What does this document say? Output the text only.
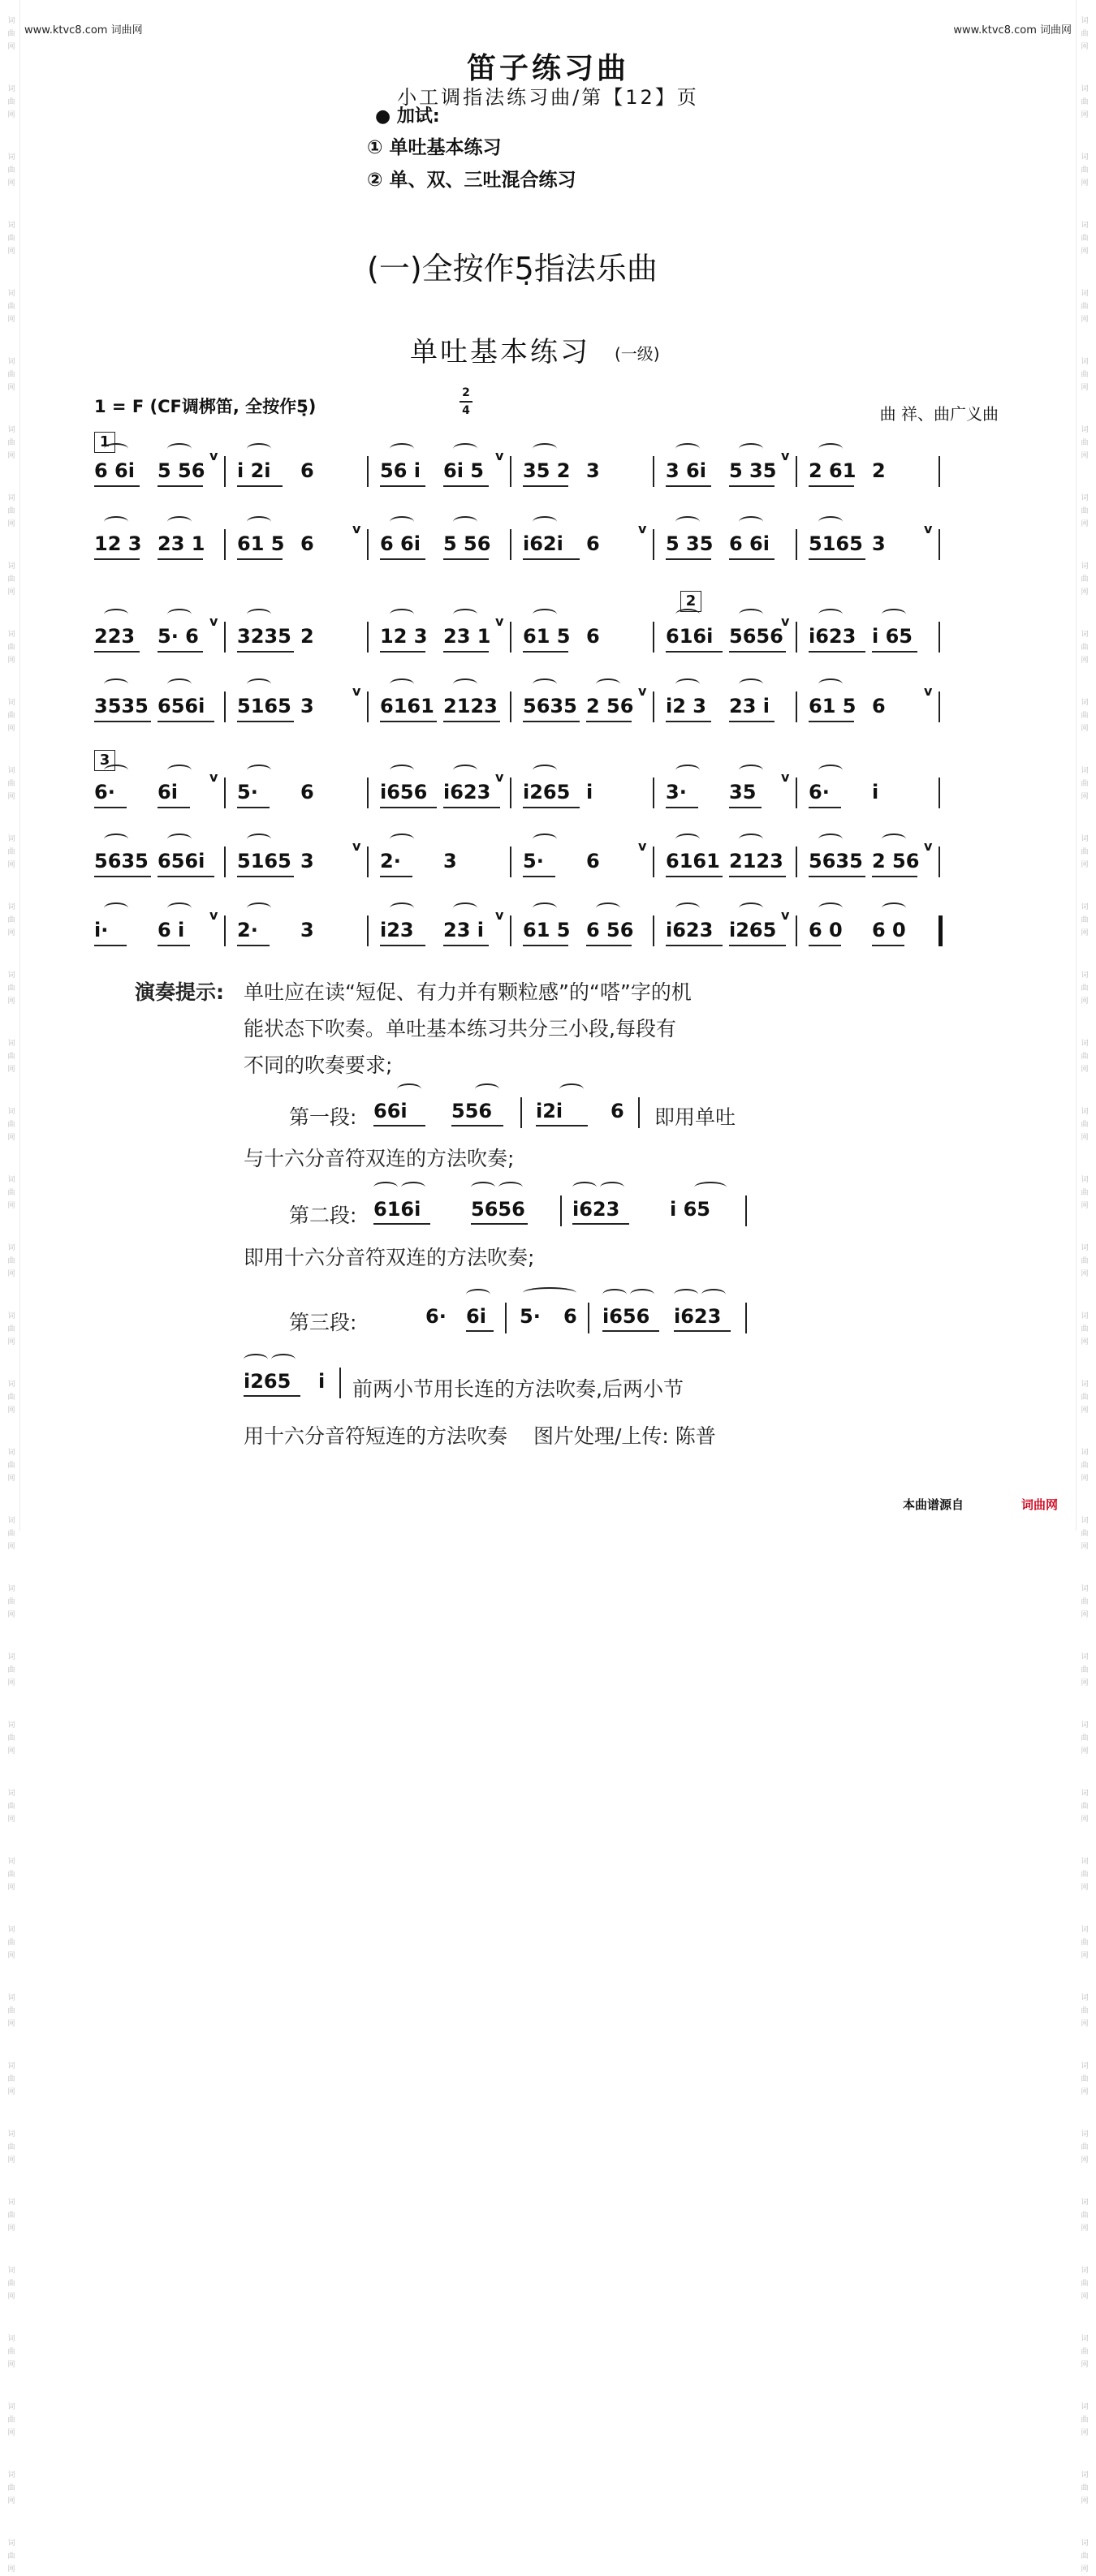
词曲网
词曲网
词曲网
词曲网
词曲网
词曲网
词曲网
词曲网
词曲网
词曲网
词曲网
词曲网
词曲网
词曲网
词曲网
词曲网
词曲网
词曲网
词曲网
词曲网
词曲网
词曲网
词曲网
词曲网
词曲网
词曲网
词曲网
词曲网
词曲网
词曲网
词曲网
词曲网
词曲网
词曲网
词曲网
词曲网
词曲网
词曲网
词曲网
词曲网
词曲网
词曲网
词曲网
词曲网
词曲网
词曲网
词曲网
词曲网
词曲网
词曲网
词曲网
词曲网
词曲网
词曲网
词曲网
词曲网
词曲网
词曲网
词曲网
词曲网
词曲网
词曲网
词曲网
词曲网
词曲网
词曲网
词曲网
词曲网
词曲网
词曲网
词曲网
词曲网
词曲网
词曲网
词曲网
词曲网
www.ktvc8.com 词曲网	www.ktvc8.com 词曲网
笛子练习曲
小工调指法练习曲/第【12】页
● 加试:
① 单吐基本练习
② 单、双、三吐混合练习
(一)全按作5̣指法乐曲
单吐基本练习 (一级)
1 = F (CF调梆笛, 全按作5̣)
2
4	曲 祥、曲广义曲
1
2
3
6 6i 5 56
v
i 2i 6	56 i 6i 5
v
35 2 3	3 6i 5 35
v
2 61 2
12 3 23 1 61 5 6
v
6 6i 5 56 i62i 6
v
5 35 6 6i 5165 3
v
223 5· 6
v
3235 2	12 3 23 1
v
61 5 6	616i 5656
v
i623 i 65
3535 656i 5165 3
v
6161 2123 5635 2 56
v
i2 3 23 i 61 5 6
v
6· 6i
v
5· 6	i656 i623
v
i265 i	3· 35
v
6· i
5635 656i 5165 3
v
2· 3	5· 6
v
6161 2123 5635 2 56
v
i·	6 i
v
2· 3	i23 23 i
v
61 5 6 56 i623 i265
v
6 0 6 0
演奏提示: 单吐应在读“短促、有力并有颗粒感”的“嗒”字的机
能状态下吹奏。单吐基本练习共分三小段,每段有
不同的吹奏要求;
第一段: 66i 556 i2i 6 即用单吐
与十六分音符双连的方法吹奏;
第二段: 616i	5656 i623	i 65
即用十六分音符双连的方法吹奏;
第三段:	6· 6i 5· 6 i656 i623
i265 i 前两小节用长连的方法吹奏,后两小节
用十六分音符短连的方法吹奏 图片处理/上传: 陈普
本曲谱源自	词曲网
